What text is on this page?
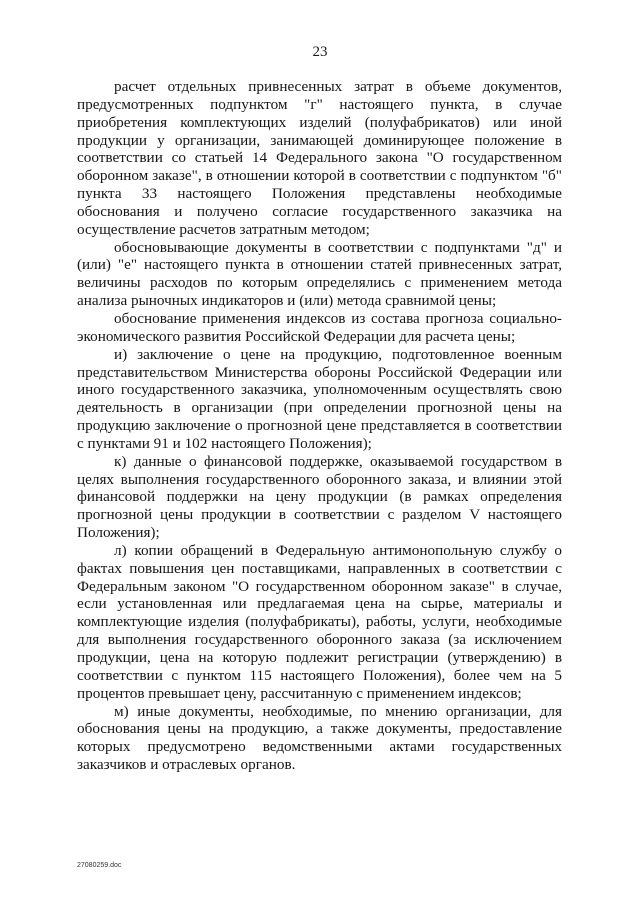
23

расчет отдельных привнесенных затрат в объеме документов, предусмотренных подпунктом "г" настоящего пункта, в случае приобретения комплектующих изделий (полуфабрикатов) или иной продукции у организации, занимающей доминирующее положение в соответствии со статьей 14 Федерального закона "О государственном оборонном заказе", в отношении которой в соответствии с подпунктом "б" пункта 33 настоящего Положения представлены необходимые обоснования и получено согласие государственного заказчика на осуществление расчетов затратным методом;

обосновывающие документы в соответствии с подпунктами "д" и (или) "е" настоящего пункта в отношении статей привнесенных затрат, величины расходов по которым определялись с применением метода анализа рыночных индикаторов и (или) метода сравнимой цены;

обоснование применения индексов из состава прогноза социально-экономического развития Российской Федерации для расчета цены;

и) заключение о цене на продукцию, подготовленное военным представительством Министерства обороны Российской Федерации или иного государственного заказчика, уполномоченным осуществлять свою деятельность в организации (при определении прогнозной цены на продукцию заключение о прогнозной цене представляется в соответствии с пунктами 91 и 102 настоящего Положения);

к) данные о финансовой поддержке, оказываемой государством в целях выполнения государственного оборонного заказа, и влиянии этой финансовой поддержки на цену продукции (в рамках определения прогнозной цены продукции в соответствии с разделом V настоящего Положения);

л) копии обращений в Федеральную антимонопольную службу о фактах повышения цен поставщиками, направленных в соответствии с Федеральным законом "О государственном оборонном заказе" в случае, если установленная или предлагаемая цена на сырье, материалы и комплектующие изделия (полуфабрикаты), работы, услуги, необходимые для выполнения государственного оборонного заказа (за исключением продукции, цена на которую подлежит регистрации (утверждению) в соответствии с пунктом 115 настоящего Положения), более чем на 5 процентов превышает цену, рассчитанную с применением индексов;

м) иные документы, необходимые, по мнению организации, для обоснования цены на продукцию, а также документы, предоставление которых предусмотрено ведомственными актами государственных заказчиков и отраслевых органов.

27080259.doc
